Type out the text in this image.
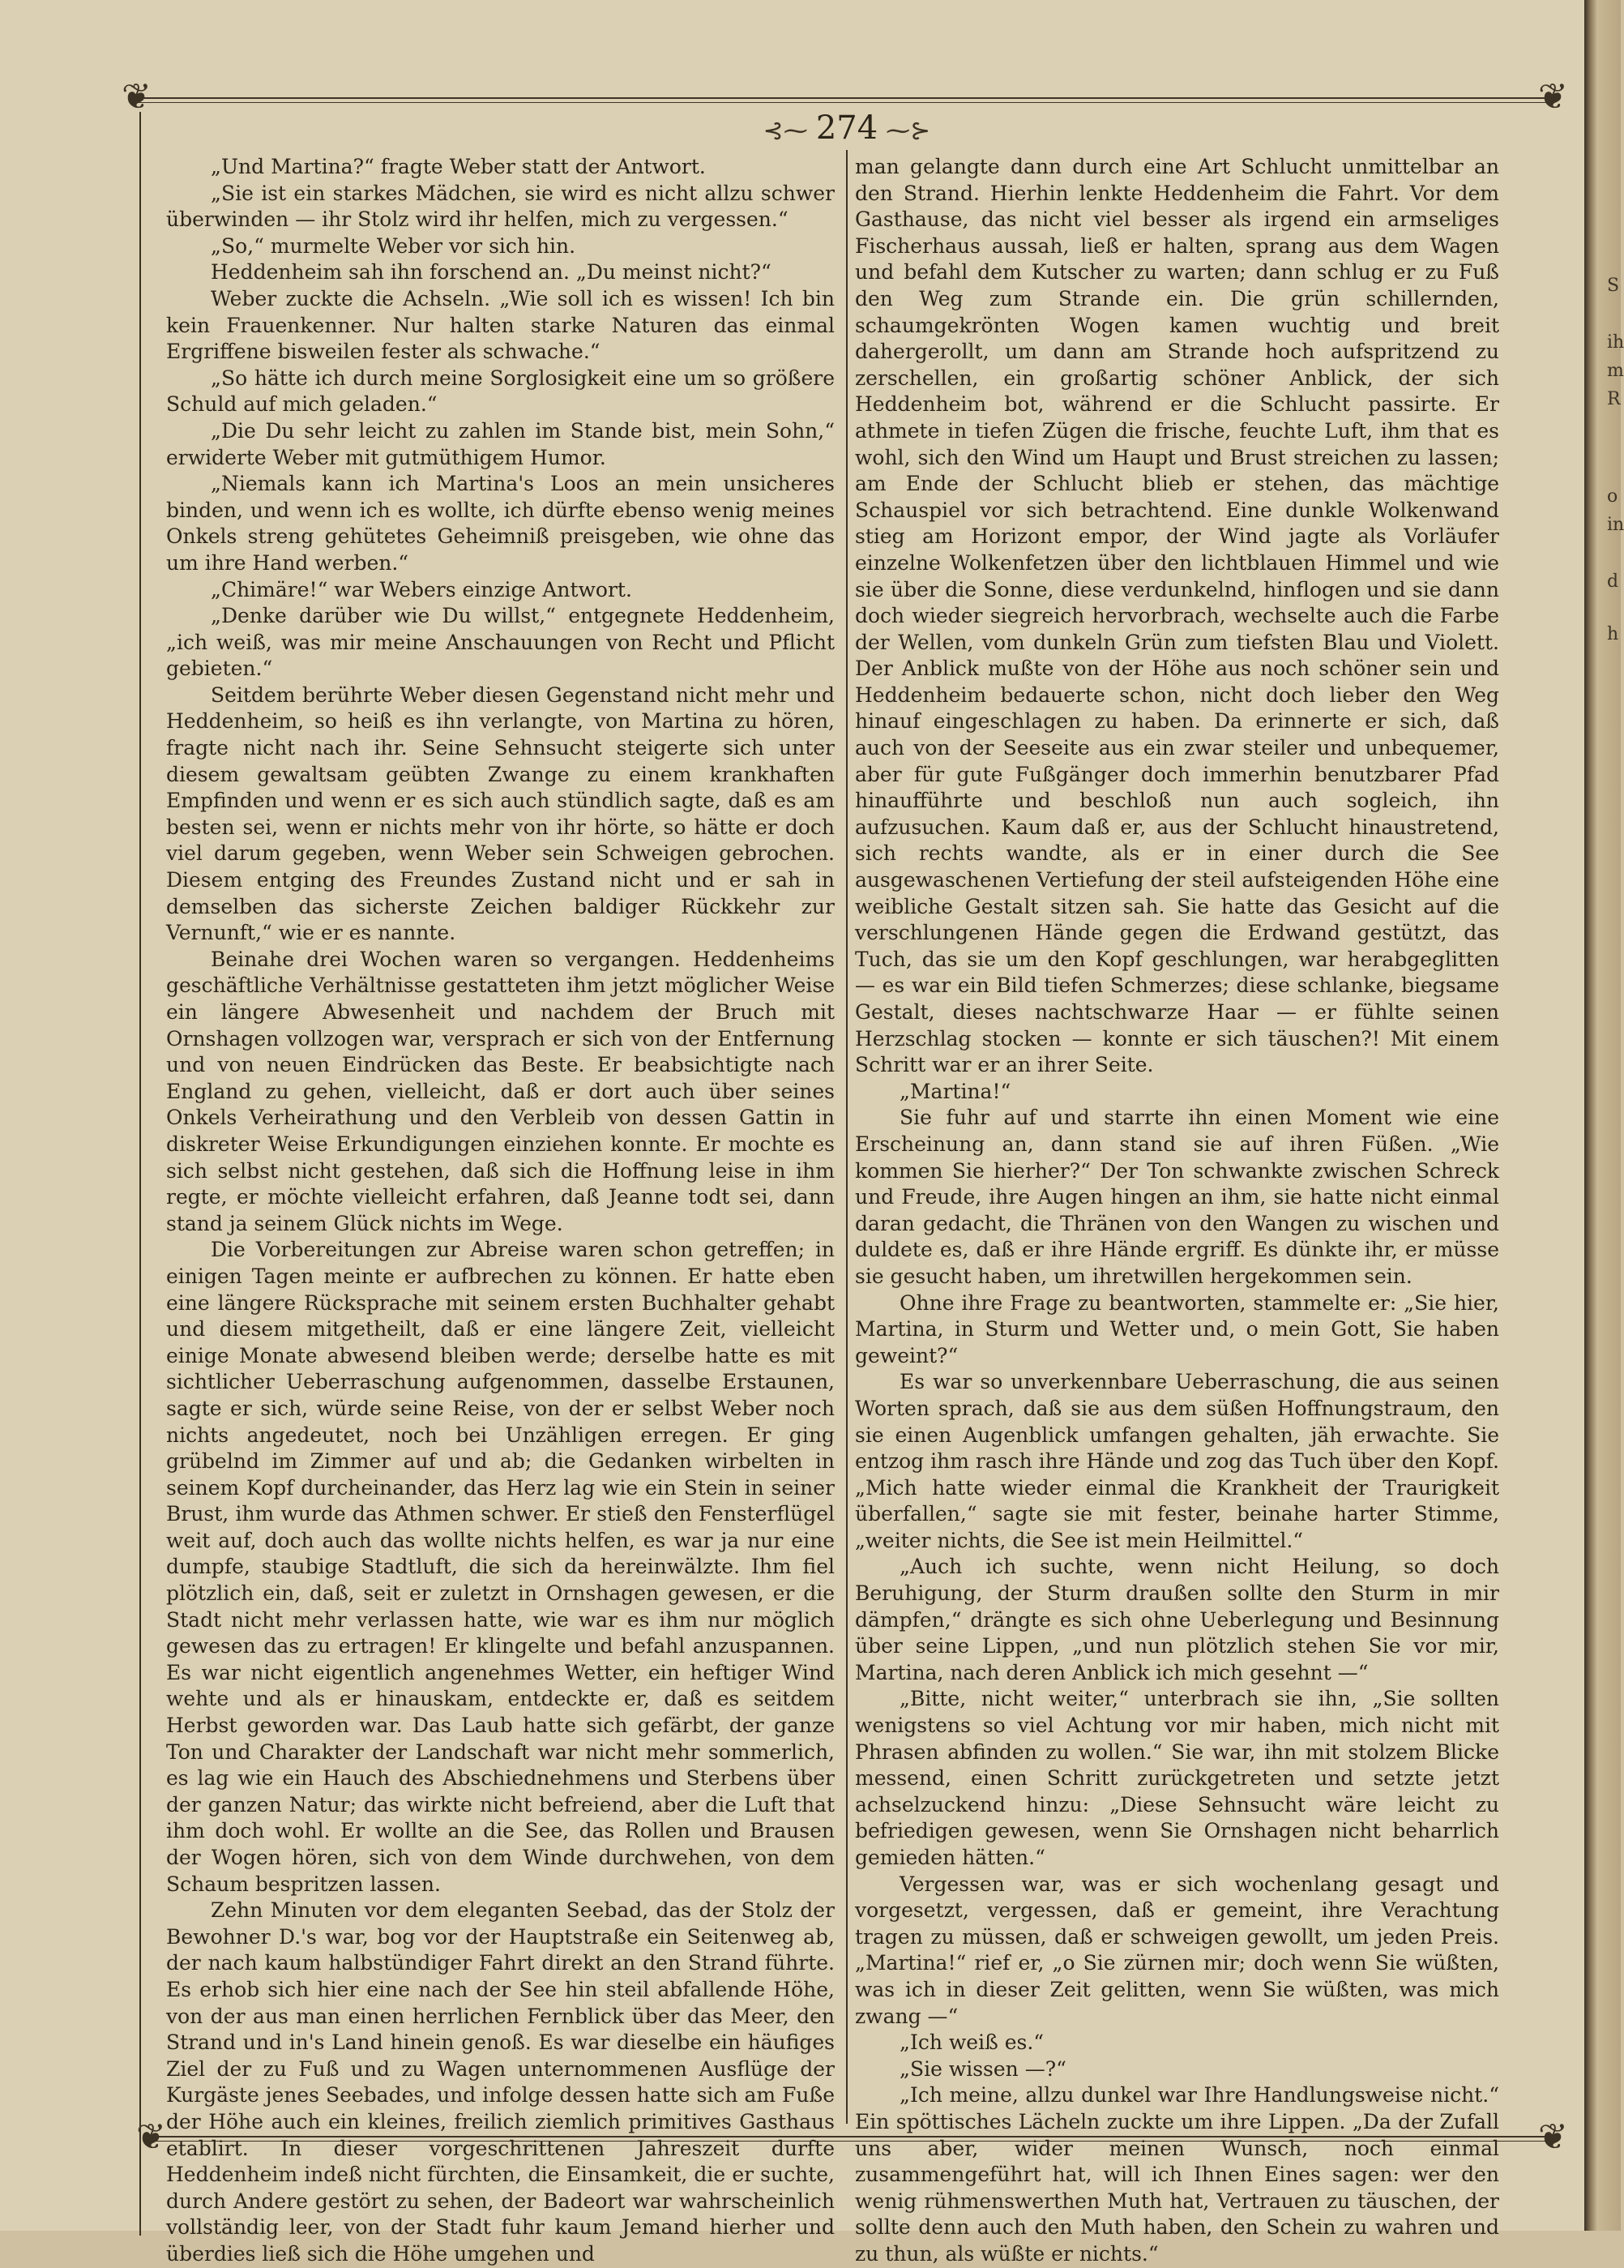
❦	❦
❦	❦
⊰⁓ 274 ⁓⊱

„Und Martina?“ fragte Weber statt der Antwort.

„Sie ist ein starkes Mädchen, sie wird es nicht allzu schwer überwinden — ihr Stolz wird ihr helfen, mich zu vergessen.“

„So,“ murmelte Weber vor sich hin.

Heddenheim sah ihn forschend an. „Du meinst nicht?“

Weber zuckte die Achseln. „Wie soll ich es wissen! Ich bin kein Frauenkenner. Nur halten starke Naturen das einmal Ergriffene bisweilen fester als schwache.“

„So hätte ich durch meine Sorglosigkeit eine um so größere Schuld auf mich geladen.“

„Die Du sehr leicht zu zahlen im Stande bist, mein Sohn,“ erwiderte Weber mit gutmüthigem Humor.

„Niemals kann ich Martina's Loos an mein unsicheres binden, und wenn ich es wollte, ich dürfte ebenso wenig meines Onkels streng gehütetes Geheimniß preisgeben, wie ohne das um ihre Hand werben.“

„Chimäre!“ war Webers einzige Antwort.

„Denke darüber wie Du willst,“ entgegnete Heddenheim, „ich weiß, was mir meine Anschauungen von Recht und Pflicht gebieten.“

Seitdem berührte Weber diesen Gegenstand nicht mehr und Heddenheim, so heiß es ihn verlangte, von Martina zu hören, fragte nicht nach ihr. Seine Sehnsucht steigerte sich unter diesem gewaltsam geübten Zwange zu einem krankhaften Empfinden und wenn er es sich auch stündlich sagte, daß es am besten sei, wenn er nichts mehr von ihr hörte, so hätte er doch viel darum gegeben, wenn Weber sein Schweigen gebrochen. Diesem entging des Freundes Zustand nicht und er sah in demselben das sicherste Zeichen baldiger Rückkehr zur Vernunft,“ wie er es nannte.

Beinahe drei Wochen waren so vergangen. Heddenheims geschäftliche Verhältnisse gestatteten ihm jetzt möglicher Weise ein längere Abwesenheit und nachdem der Bruch mit Ornshagen vollzogen war, versprach er sich von der Entfernung und von neuen Eindrücken das Beste. Er beabsichtigte nach England zu gehen, vielleicht, daß er dort auch über seines Onkels Verheirathung und den Verbleib von dessen Gattin in diskreter Weise Erkundigungen einziehen konnte. Er mochte es sich selbst nicht gestehen, daß sich die Hoffnung leise in ihm regte, er möchte vielleicht erfahren, daß Jeanne todt sei, dann stand ja seinem Glück nichts im Wege.

Die Vorbereitungen zur Abreise waren schon getreffen; in einigen Tagen meinte er aufbrechen zu können. Er hatte eben eine längere Rücksprache mit seinem ersten Buchhalter gehabt und diesem mitgetheilt, daß er eine längere Zeit, vielleicht einige Monate abwesend bleiben werde; derselbe hatte es mit sichtlicher Ueberraschung aufgenommen, dasselbe Erstaunen, sagte er sich, würde seine Reise, von der er selbst Weber noch nichts angedeutet, noch bei Unzähligen erregen. Er ging grübelnd im Zimmer auf und ab; die Gedanken wirbelten in seinem Kopf durcheinander, das Herz lag wie ein Stein in seiner Brust, ihm wurde das Athmen schwer. Er stieß den Fensterflügel weit auf, doch auch das wollte nichts helfen, es war ja nur eine dumpfe, staubige Stadtluft, die sich da hereinwälzte. Ihm fiel plötzlich ein, daß, seit er zuletzt in Ornshagen gewesen, er die Stadt nicht mehr verlassen hatte, wie war es ihm nur möglich gewesen das zu ertragen! Er klingelte und befahl anzuspannen. Es war nicht eigentlich angenehmes Wetter, ein heftiger Wind wehte und als er hinauskam, entdeckte er, daß es seitdem Herbst geworden war. Das Laub hatte sich gefärbt, der ganze Ton und Charakter der Landschaft war nicht mehr sommerlich, es lag wie ein Hauch des Abschiednehmens und Sterbens über der ganzen Natur; das wirkte nicht befreiend, aber die Luft that ihm doch wohl. Er wollte an die See, das Rollen und Brausen der Wogen hören, sich von dem Winde durchwehen, von dem Schaum bespritzen lassen.

Zehn Minuten vor dem eleganten Seebad, das der Stolz der Bewohner D.'s war, bog vor der Hauptstraße ein Seitenweg ab, der nach kaum halbstündiger Fahrt direkt an den Strand führte. Es erhob sich hier eine nach der See hin steil abfallende Höhe, von der aus man einen herrlichen Fernblick über das Meer, den Strand und in's Land hinein genoß. Es war dieselbe ein häufiges Ziel der zu Fuß und zu Wagen unternommenen Ausflüge der Kurgäste jenes Seebades, und infolge dessen hatte sich am Fuße der Höhe auch ein kleines, freilich ziemlich primitives Gasthaus etablirt. In dieser vorgeschrittenen Jahreszeit durfte Heddenheim indeß nicht fürchten, die Einsamkeit, die er suchte, durch Andere gestört zu sehen, der Badeort war wahrscheinlich vollständig leer, von der Stadt fuhr kaum Jemand hierher und überdies ließ sich die Höhe umgehen und

man gelangte dann durch eine Art Schlucht unmittelbar an den Strand. Hierhin lenkte Heddenheim die Fahrt. Vor dem Gasthause, das nicht viel besser als irgend ein armseliges Fischerhaus aussah, ließ er halten, sprang aus dem Wagen und befahl dem Kutscher zu warten; dann schlug er zu Fuß den Weg zum Strande ein. Die grün schillernden, schaumgekrönten Wogen kamen wuchtig und breit dahergerollt, um dann am Strande hoch aufspritzend zu zerschellen, ein großartig schöner Anblick, der sich Heddenheim bot, während er die Schlucht passirte. Er athmete in tiefen Zügen die frische, feuchte Luft, ihm that es wohl, sich den Wind um Haupt und Brust streichen zu lassen; am Ende der Schlucht blieb er stehen, das mächtige Schauspiel vor sich betrachtend. Eine dunkle Wolkenwand stieg am Horizont empor, der Wind jagte als Vorläufer einzelne Wolkenfetzen über den lichtblauen Himmel und wie sie über die Sonne, diese verdunkelnd, hinflogen und sie dann doch wieder siegreich hervorbrach, wechselte auch die Farbe der Wellen, vom dunkeln Grün zum tiefsten Blau und Violett. Der Anblick mußte von der Höhe aus noch schöner sein und Heddenheim bedauerte schon, nicht doch lieber den Weg hinauf eingeschlagen zu haben. Da erinnerte er sich, daß auch von der Seeseite aus ein zwar steiler und unbequemer, aber für gute Fußgänger doch immerhin benutzbarer Pfad hinaufführte und beschloß nun auch sogleich, ihn aufzusuchen. Kaum daß er, aus der Schlucht hinaustretend, sich rechts wandte, als er in einer durch die See ausgewaschenen Vertiefung der steil aufsteigenden Höhe eine weibliche Gestalt sitzen sah. Sie hatte das Gesicht auf die verschlungenen Hände gegen die Erdwand gestützt, das Tuch, das sie um den Kopf geschlungen, war herabgeglitten — es war ein Bild tiefen Schmerzes; diese schlanke, biegsame Gestalt, dieses nachtschwarze Haar — er fühlte seinen Herzschlag stocken — konnte er sich täuschen?! Mit einem Schritt war er an ihrer Seite.

„Martina!“

Sie fuhr auf und starrte ihn einen Moment wie eine Erscheinung an, dann stand sie auf ihren Füßen. „Wie kommen Sie hierher?“ Der Ton schwankte zwischen Schreck und Freude, ihre Augen hingen an ihm, sie hatte nicht einmal daran gedacht, die Thränen von den Wangen zu wischen und duldete es, daß er ihre Hände ergriff. Es dünkte ihr, er müsse sie gesucht haben, um ihretwillen hergekommen sein.

Ohne ihre Frage zu beantworten, stammelte er: „Sie hier, Martina, in Sturm und Wetter und, o mein Gott, Sie haben geweint?“

Es war so unverkennbare Ueberraschung, die aus seinen Worten sprach, daß sie aus dem süßen Hoffnungstraum, den sie einen Augenblick umfangen gehalten, jäh erwachte. Sie entzog ihm rasch ihre Hände und zog das Tuch über den Kopf. „Mich hatte wieder einmal die Krankheit der Traurigkeit überfallen,“ sagte sie mit fester, beinahe harter Stimme, „weiter nichts, die See ist mein Heilmittel.“

„Auch ich suchte, wenn nicht Heilung, so doch Beruhigung, der Sturm draußen sollte den Sturm in mir dämpfen,“ drängte es sich ohne Ueberlegung und Besinnung über seine Lippen, „und nun plötzlich stehen Sie vor mir, Martina, nach deren Anblick ich mich gesehnt —“

„Bitte, nicht weiter,“ unterbrach sie ihn, „Sie sollten wenigstens so viel Achtung vor mir haben, mich nicht mit Phrasen abfinden zu wollen.“ Sie war, ihn mit stolzem Blicke messend, einen Schritt zurückgetreten und setzte jetzt achselzuckend hinzu: „Diese Sehnsucht wäre leicht zu befriedigen gewesen, wenn Sie Ornshagen nicht beharrlich gemieden hätten.“

Vergessen war, was er sich wochenlang gesagt und vorgesetzt, vergessen, daß er gemeint, ihre Verachtung tragen zu müssen, daß er schweigen gewollt, um jeden Preis. „Martina!“ rief er, „o Sie zürnen mir; doch wenn Sie wüßten, was ich in dieser Zeit gelitten, wenn Sie wüßten, was mich zwang —“

„Ich weiß es.“

„Sie wissen —?“

„Ich meine, allzu dunkel war Ihre Handlungsweise nicht.“ Ein spöttisches Lächeln zuckte um ihre Lippen. „Da der Zufall uns aber, wider meinen Wunsch, noch einmal zusammengeführt hat, will ich Ihnen Eines sagen: wer den wenig rühmenswerthen Muth hat, Vertrauen zu täuschen, der sollte denn auch den Muth haben, den Schein zu wahren und zu thun, als wüßte er nichts.“

S
ih
m
R
o
in
d
h
